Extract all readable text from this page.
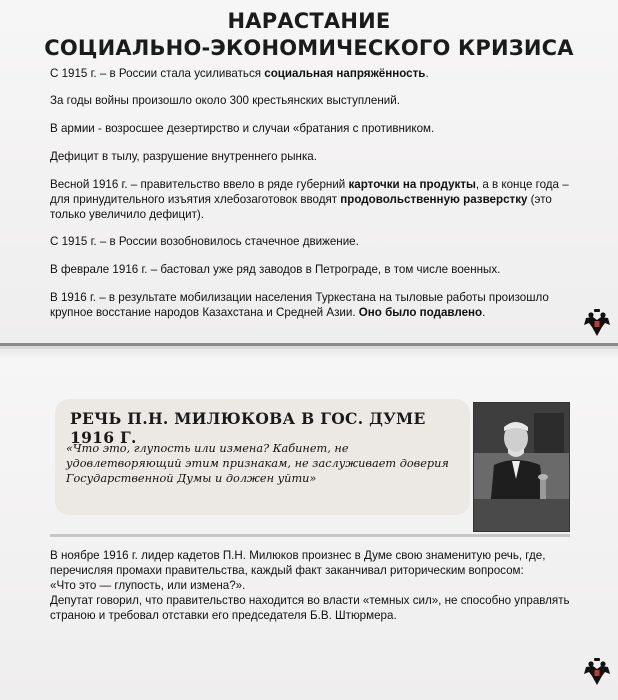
НАРАСТАНИЕ
СОЦИАЛЬНО-ЭКОНОМИЧЕСКОГО КРИЗИСА

С 1915 г. – в России стала усиливаться социальная напряжённость.

За годы войны произошло около 300 крестьянских выступлений.

В армии - возросшее дезертирство и случаи «братания с противником.

Дефицит в тылу, разрушение внутреннего рынка.

Весной 1916 г. – правительство ввело в ряде губерний карточки на продукты, а в конце года – для принудительного изъятия хлебозаготовок вводят продовольственную разверстку (это только увеличило дефицит).

С 1915 г. – в России возобновилось стачечное движение.

В феврале 1916 г. – бастовал уже ряд заводов в Петрограде, в том числе военных.

В 1916 г. – в результате мобилизации населения Туркестана на тыловые работы произошло крупное восстание народов Казахстана и Средней Азии. Оно было подавлено.

РЕЧЬ П.Н. МИЛЮКОВА В ГОС. ДУМЕ 1916 Г.
«Что это, глупость или измена? Кабинет, не удовлетворяющий этим признакам, не заслуживает доверия Государственной Думы и должен уйти»

В ноябре 1916 г. лидер кадетов П.Н. Милюков произнес в Думе свою знаменитую речь, где, перечисляя промахи правительства, каждый факт заканчивал риторическим вопросом:

«Что это — глупость, или измена?».

Депутат говорил, что правительство находится во власти «темных сил», не способно управлять страною и требовал отставки его председателя Б.В. Штюрмера.
